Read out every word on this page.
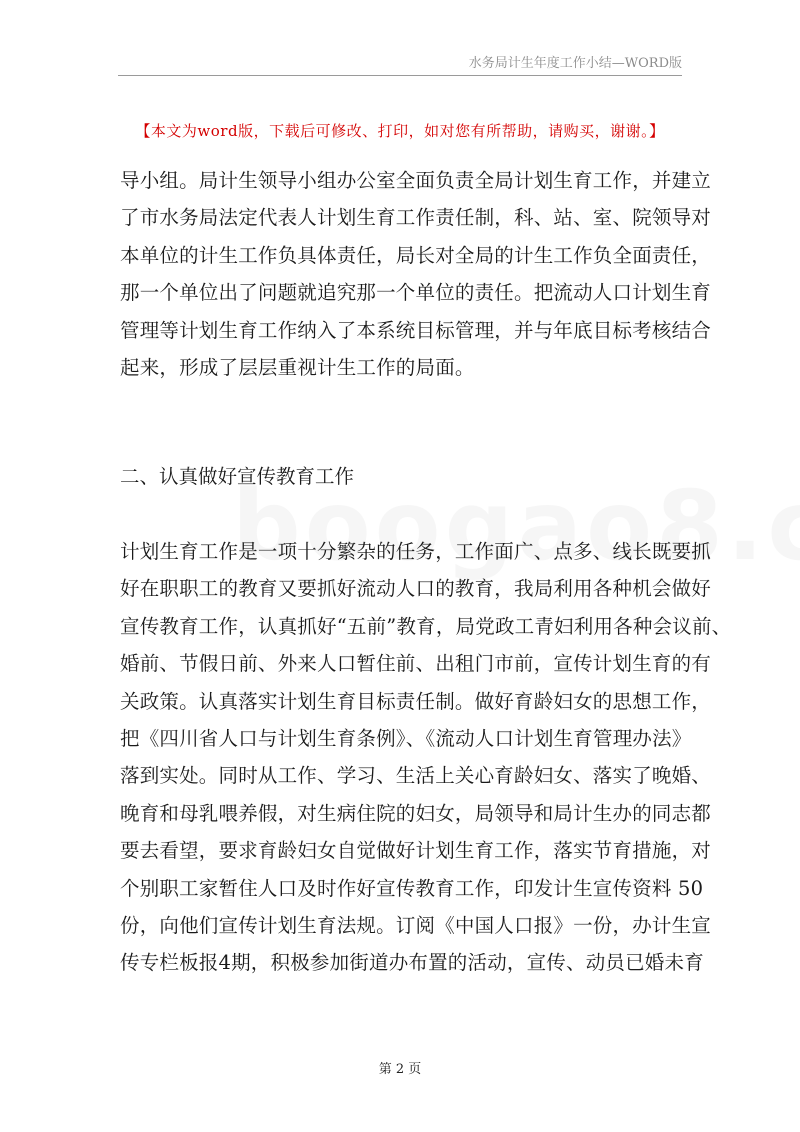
水务局计生年度工作小结—WORD版
【本文为word版，下载后可修改、打印，如对您有所帮助，请购买，谢谢。】
导小组。局计生领导小组办公室全面负责全局计划生育工作，并建立
了市水务局法定代表人计划生育工作责任制，科、站、室、院领导对
本单位的计生工作负具体责任，局长对全局的计生工作负全面责任，
那一个单位出了问题就追究那一个单位的责任。把流动人口计划生育
管理等计划生育工作纳入了本系统目标管理，并与年底目标考核结合
起来，形成了层层重视计生工作的局面。
二、认真做好宣传教育工作
计划生育工作是一项十分繁杂的任务，工作面广、点多、线长既要抓
好在职职工的教育又要抓好流动人口的教育，我局利用各种机会做好
宣传教育工作，认真抓好“五前”教育，局党政工青妇利用各种会议前、
婚前、节假日前、外来人口暂住前、出租门市前，宣传计划生育的有
关政策。认真落实计划生育目标责任制。做好育龄妇女的思想工作，
把《四川省人口与计划生育条例》、《流动人口计划生育管理办法》
落到实处。同时从工作、学习、生活上关心育龄妇女、落实了晚婚、
晚育和母乳喂养假，对生病住院的妇女，局领导和局计生办的同志都
要去看望，要求育龄妇女自觉做好计划生育工作，落实节育措施，对
个别职工家暂住人口及时作好宣传教育工作，印发计生宣传资料 50
份，向他们宣传计划生育法规。订阅《中国人口报》一份，办计生宣
传专栏板报4期，积极参加街道办布置的活动，宣传、动员已婚未育
第 2 页
